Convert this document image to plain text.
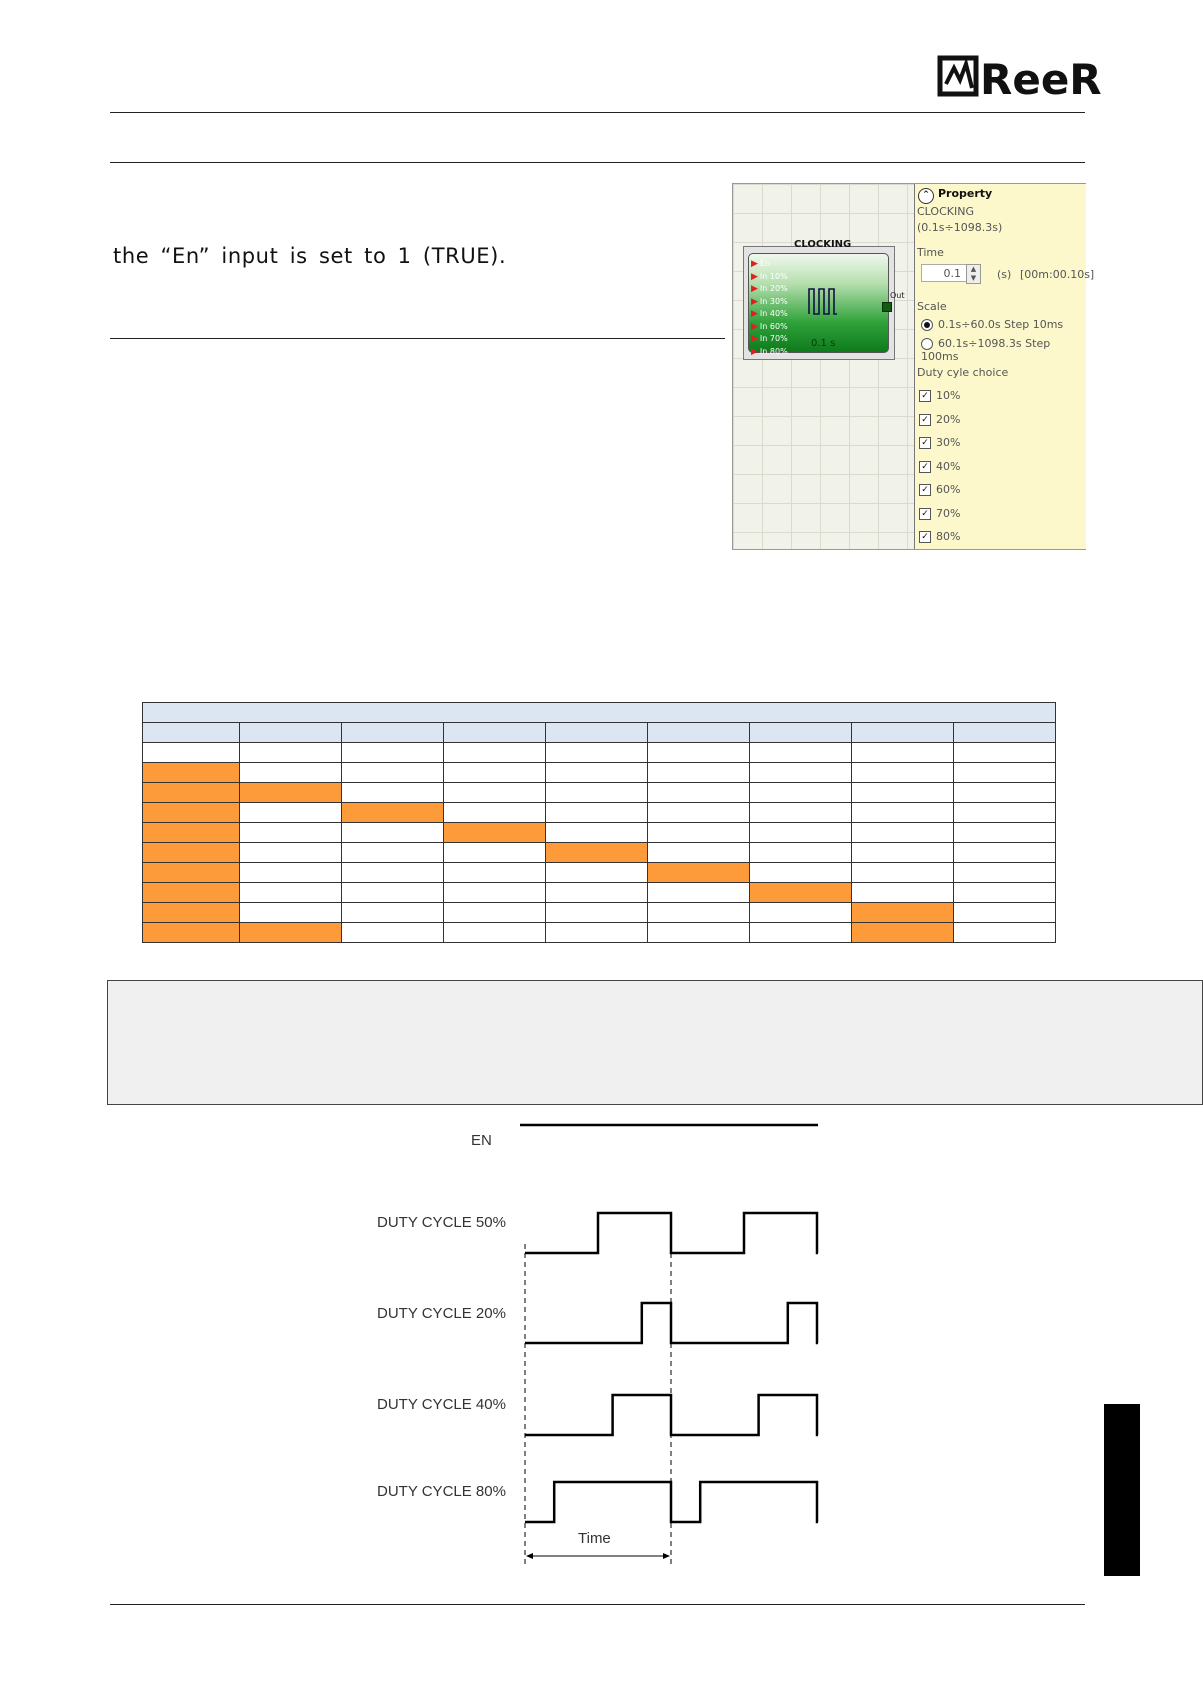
ReeR
the “En” input is set to 1 (TRUE).	CLOCKING
▶ En
▶ In 10%
▶ In 20%
▶ In 30%
▶ In 40%
▶ In 60%
▶ In 70%
▶ In 80%
0.1 s
Out
⌃ Property
CLOCKING
(0.1s÷1098.3s)
Time
0.1	▲
▼	(s) [00m:00.10s]
Scale
0.1s÷60.0s Step 10ms
60.1s÷1098.3s Step 100ms
Duty cyle choice
✓ 10%
✓ 20%
✓ 30%
✓ 40%
✓ 60%
✓ 70%
✓ 80%

EN
DUTY CYCLE 50%
DUTY CYCLE 20%
DUTY CYCLE 40%
DUTY CYCLE 80%
Time
